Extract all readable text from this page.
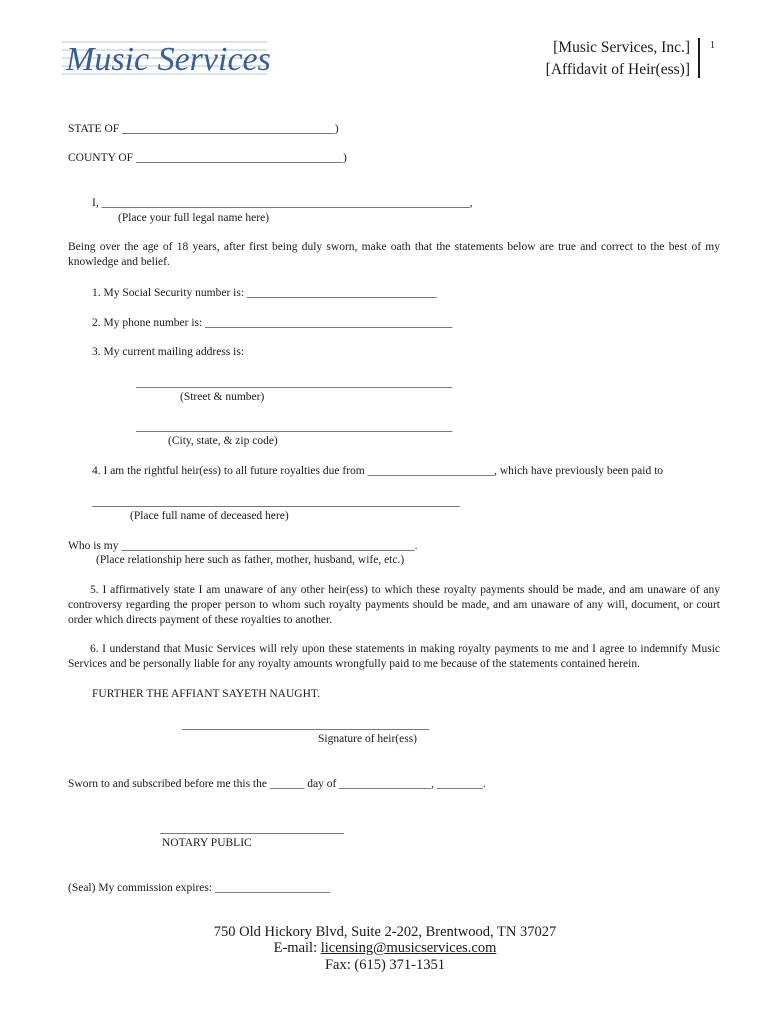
Music Services	[Music Services, Inc.]
[Affidavit of Heir(ess)]
1
STATE OF _____________________________________)
COUNTY OF ____________________________________)
I, ________________________________________________________________,
(Place your full legal name here)
Being over the age of 18 years, after first being duly sworn, make oath that the statements below are true and correct to the best of my knowledge and belief.
1. My Social Security number is: _________________________________
2. My phone number is: ___________________________________________
3. My current mailing address is:
_______________________________________________________
(Street & number)
_______________________________________________________
(City, state, & zip code)
4. I am the rightful heir(ess) to all future royalties due from ______________________, which have previously been paid to
________________________________________________________________
(Place full name of deceased here)
Who is my ___________________________________________________.
(Place relationship here such as father, mother, husband, wife, etc.)
5. I affirmatively state I am unaware of any other heir(ess) to which these royalty payments should be made, and am unaware of any controversy regarding the proper person to whom such royalty payments should be made, and am unaware of any will, document, or court order which directs payment of these royalties to another.
6. I understand that Music Services will rely upon these statements in making royalty payments to me and I agree to indemnify Music Services and be personally liable for any royalty amounts wrongfully paid to me because of the statements contained herein.
FURTHER THE AFFIANT SAYETH NAUGHT.
___________________________________________
Signature of heir(ess)
Sworn to and subscribed before me this the ______ day of ________________, ________.
________________________________
NOTARY PUBLIC
(Seal) My commission expires: ____________________
750 Old Hickory Blvd, Suite 2-202, Brentwood, TN 37027
E-mail: licensing@musicservices.com
Fax: (615) 371-1351
